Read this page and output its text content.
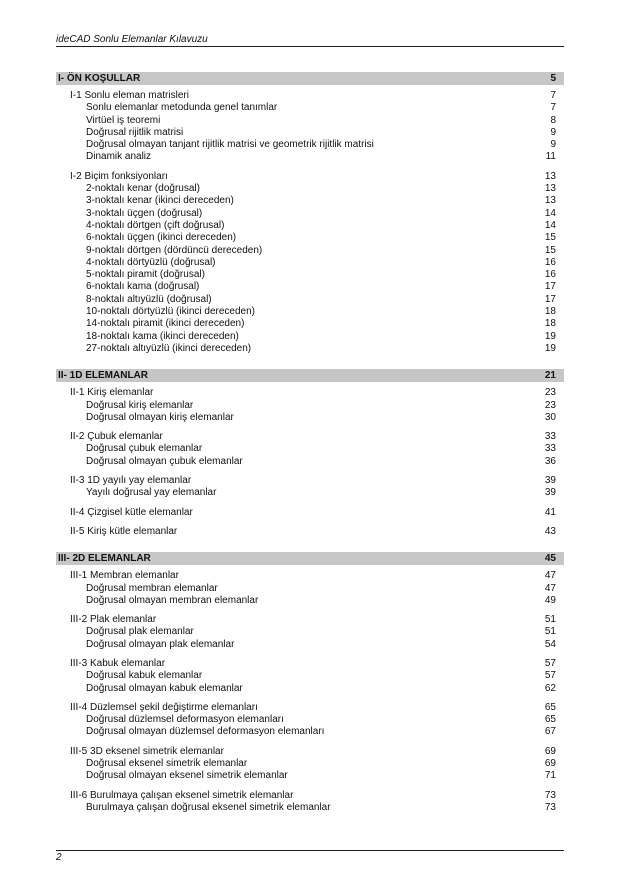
ideCAD Sonlu Elemanlar Kılavuzu
I- ÖN KOŞULLAR	5
I-1 Sonlu eleman matrisleri	7
Sonlu elemanlar metodunda genel tanımlar	7
Virtüel iş teoremi	8
Doğrusal rijitlik matrisi	9
Doğrusal olmayan tanjant rijitlik matrisi ve geometrik rijitlik matrisi	9
Dinamik analiz	11
I-2 Biçim fonksiyonları	13
2-noktalı kenar (doğrusal)	13
3-noktalı kenar (ikinci dereceden)	13
3-noktalı üçgen (doğrusal)	14
4-noktalı dörtgen (çift doğrusal)	14
6-noktalı üçgen (ikinci dereceden)	15
9-noktalı dörtgen (dördüncü dereceden)	15
4-noktalı dörtyüzlü (doğrusal)	16
5-noktalı piramit (doğrusal)	16
6-noktalı kama (doğrusal)	17
8-noktalı altıyüzlü (doğrusal)	17
10-noktalı dörtyüzlü (ikinci dereceden)	18
14-noktalı piramit (ikinci dereceden)	18
18-noktalı kama (ikinci dereceden)	19
27-noktalı altıyüzlü (ikinci dereceden)	19
II- 1D ELEMANLAR	21
II-1 Kiriş elemanlar	23
Doğrusal kiriş elemanlar	23
Doğrusal olmayan kiriş elemanlar	30
II-2 Çubuk elemanlar	33
Doğrusal çubuk elemanlar	33
Doğrusal olmayan çubuk elemanlar	36
II-3 1D yayılı yay elemanlar	39
Yayılı doğrusal yay elemanlar	39
II-4 Çizgisel kütle elemanlar	41
II-5 Kiriş kütle elemanlar	43
III- 2D ELEMANLAR	45
III-1 Membran elemanlar	47
Doğrusal membran elemanlar	47
Doğrusal olmayan membran elemanlar	49
III-2 Plak elemanlar	51
Doğrusal plak elemanlar	51
Doğrusal olmayan plak elemanlar	54
III-3 Kabuk elemanlar	57
Doğrusal kabuk elemanlar	57
Doğrusal olmayan kabuk elemanlar	62
III-4 Düzlemsel şekil değiştirme elemanları	65
Doğrusal düzlemsel deformasyon elemanları	65
Doğrusal olmayan düzlemsel deformasyon elemanları	67
III-5 3D eksenel simetrik elemanlar	69
Doğrusal eksenel simetrik elemanlar	69
Doğrusal olmayan eksenel simetrik elemanlar	71
III-6 Burulmaya çalışan eksenel simetrik elemanlar	73
Burulmaya çalışan doğrusal eksenel simetrik elemanlar	73
2
